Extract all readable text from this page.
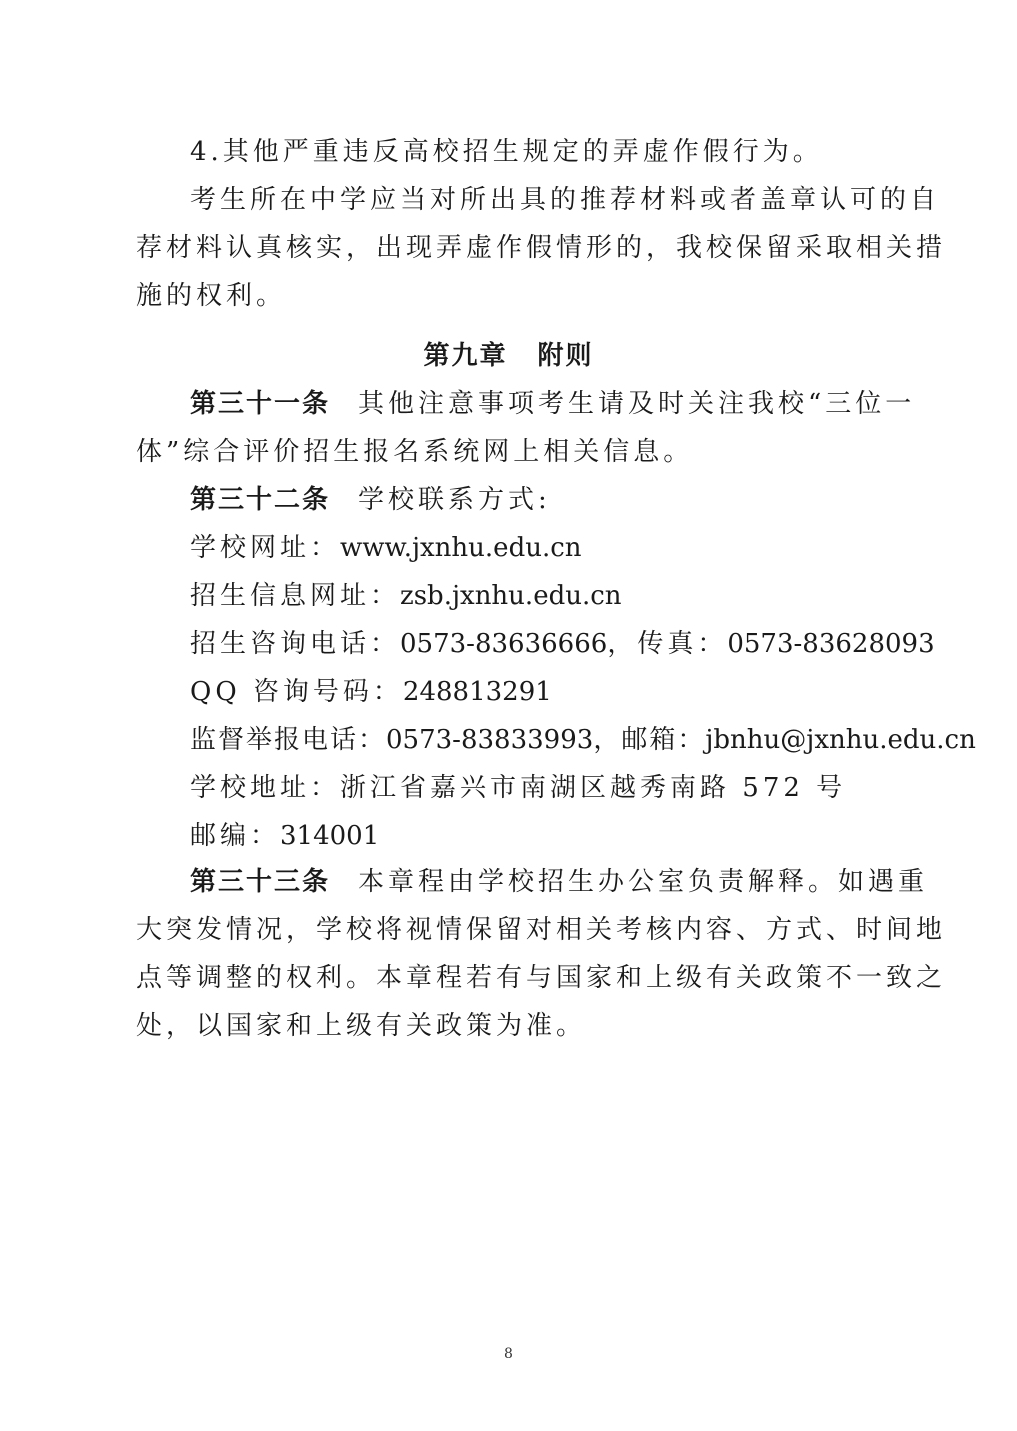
4.其他严重违反高校招生规定的弄虚作假行为。
考生所在中学应当对所出具的推荐材料或者盖章认可的自
荐材料认真核实，出现弄虚作假情形的，我校保留采取相关措
施的权利。
第九章 附则
第三十一条 其他注意事项考生请及时关注我校“三位一
体”综合评价招生报名系统网上相关信息。
第三十二条 学校联系方式:
学校网址：www.jxnhu.edu.cn
招生信息网址：zsb.jxnhu.edu.cn
招生咨询电话：0573-83636666，传真：0573-83628093
QQ 咨询号码：248813291
监督举报电话：0573-83833993，邮箱：jbnhu@jxnhu.edu.cn
学校地址：浙江省嘉兴市南湖区越秀南路 572 号
邮编：314001
第三十三条 本章程由学校招生办公室负责解释。如遇重
大突发情况，学校将视情保留对相关考核内容、方式、时间地
点等调整的权利。本章程若有与国家和上级有关政策不一致之
处，以国家和上级有关政策为准。
8
